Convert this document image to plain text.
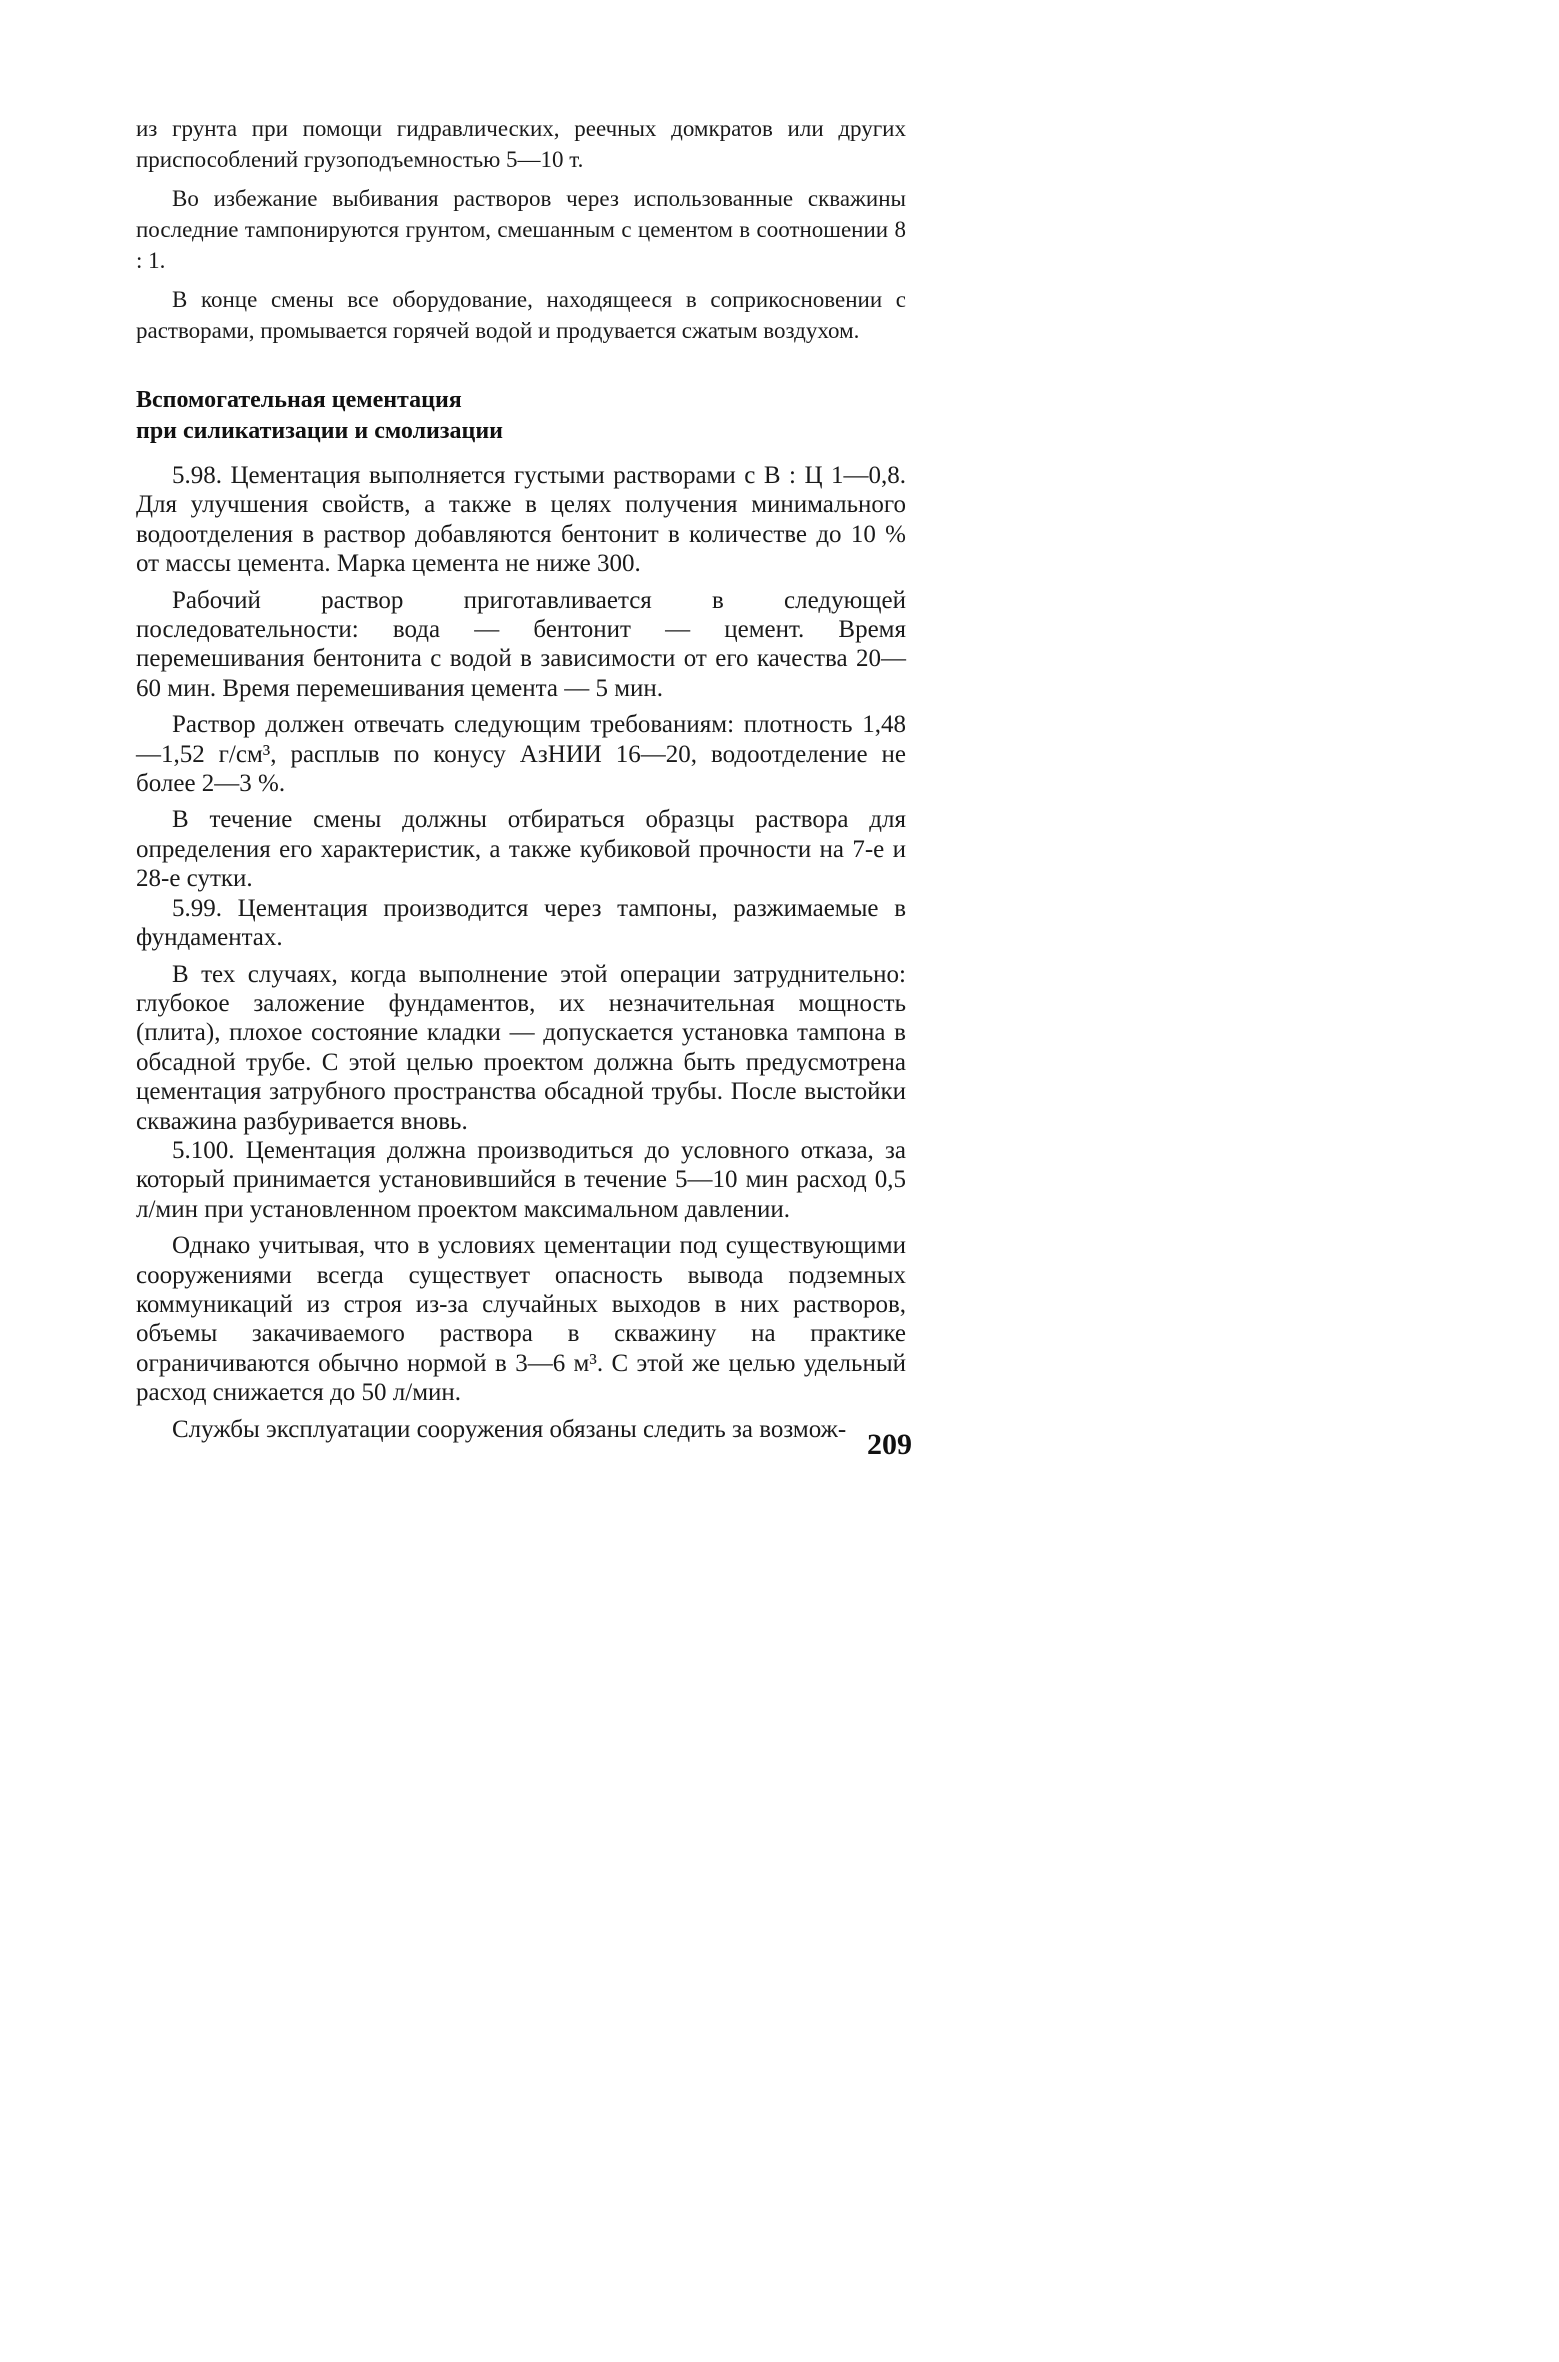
из грунта при помощи гидравлических, реечных домкратов или других приспособлений грузоподъемностью 5—10 т.

Во избежание выбивания растворов через использованные скважины последние тампонируются грунтом, смешанным с цементом в соотношении 8 : 1.

В конце смены все оборудование, находящееся в соприкосновении с растворами, промывается горячей водой и продувается сжатым воздухом.

Вспомогательная цементация
при силикатизации и смолизации

5.98. Цементация выполняется густыми растворами с В : Ц 1—0,8. Для улучшения свойств, а также в целях получения минимального водоотделения в раствор добавляются бентонит в количестве до 10 % от массы цемента. Марка цемента не ниже 300.

Рабочий раствор приготавливается в следующей последовательности: вода — бентонит — цемент. Время перемешивания бентонита с водой в зависимости от его качества 20—60 мин. Время перемешивания цемента — 5 мин.

Раствор должен отвечать следующим требованиям: плотность 1,48—1,52 г/см³, расплыв по конусу АзНИИ 16—20, водоотделение не более 2—3 %.

В течение смены должны отбираться образцы раствора для определения его характеристик, а также кубиковой прочности на 7-е и 28-е сутки.

5.99. Цементация производится через тампоны, разжимаемые в фундаментах.

В тех случаях, когда выполнение этой операции затруднительно: глубокое заложение фундаментов, их незначительная мощность (плита), плохое состояние кладки — допускается установка тампона в обсадной трубе. С этой целью проектом должна быть предусмотрена цементация затрубного пространства обсадной трубы. После выстойки скважина разбуривается вновь.

5.100. Цементация должна производиться до условного отказа, за который принимается установившийся в течение 5—10 мин расход 0,5 л/мин при установленном проектом максимальном давлении.

Однако учитывая, что в условиях цементации под существующими сооружениями всегда существует опасность вывода подземных коммуникаций из строя из-за случайных выходов в них растворов, объемы закачиваемого раствора в скважину на практике ограничиваются обычно нормой в 3—6 м³. С этой же целью удельный расход снижается до 50 л/мин.

Службы эксплуатации сооружения обязаны следить за возмож- 209
